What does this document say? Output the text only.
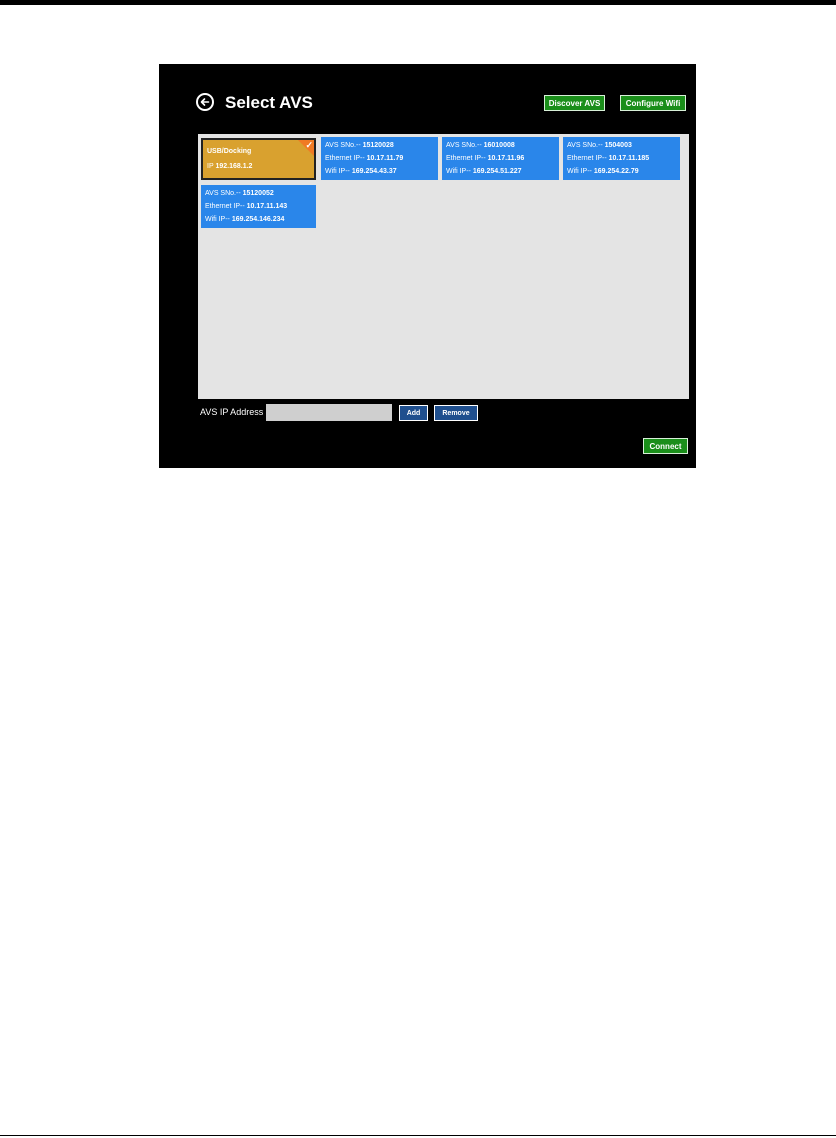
Select AVS	Discover AVS	Configure Wifi
✓
USB/Docking
IP 192.168.1.2
AVS SNo.-- 15120028
Ethernet IP-- 10.17.11.79
Wifi IP-- 169.254.43.37
AVS SNo.-- 16010008
Ethernet IP-- 10.17.11.96
Wifi IP-- 169.254.51.227
AVS SNo.-- 1504003
Ethernet IP-- 10.17.11.185
Wifi IP-- 169.254.22.79
AVS SNo.-- 15120052
Ethernet IP-- 10.17.11.143
Wifi IP-- 169.254.146.234
AVS IP Address	Add	Remove
Connect
